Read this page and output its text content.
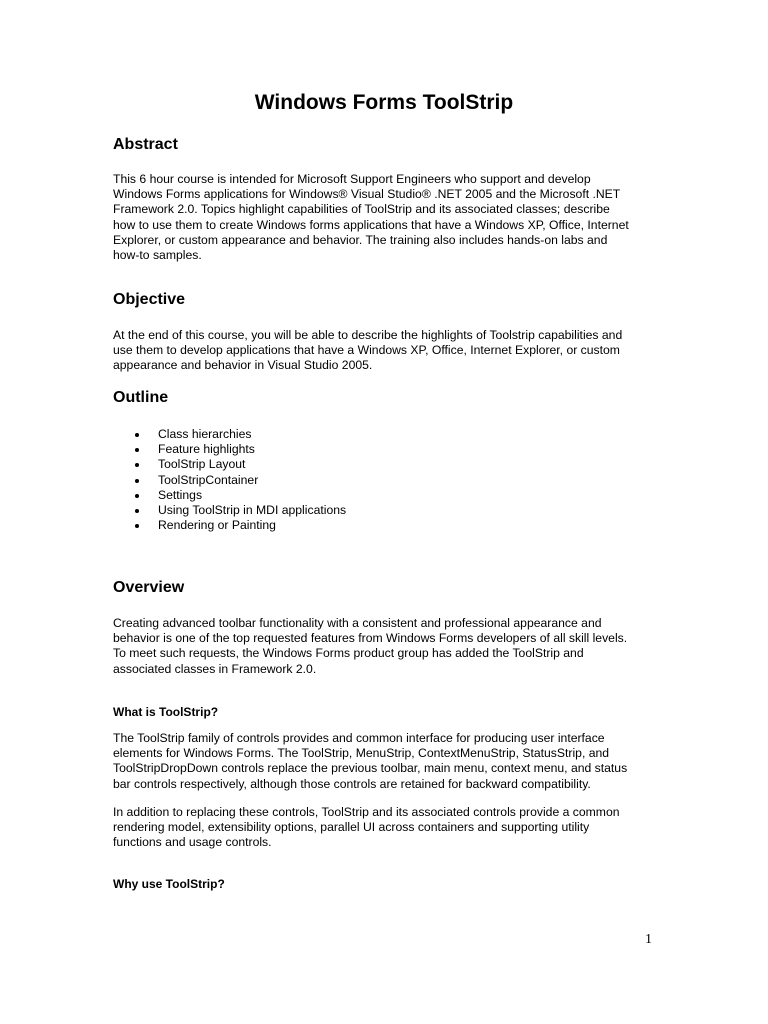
Windows Forms ToolStrip
Abstract

This 6 hour course is intended for Microsoft Support Engineers who support and develop
Windows Forms applications for Windows® Visual Studio® .NET 2005 and the Microsoft .NET
Framework 2.0. Topics highlight capabilities of ToolStrip and its associated classes; describe
how to use them to create Windows forms applications that have a Windows XP, Office, Internet
Explorer, or custom appearance and behavior. The training also includes hands-on labs and
how-to samples.

Objective

At the end of this course, you will be able to describe the highlights of Toolstrip capabilities and
use them to develop applications that have a Windows XP, Office, Internet Explorer, or custom
appearance and behavior in Visual Studio 2005.

Outline
Class hierarchies
Feature highlights
ToolStrip Layout
ToolStripContainer
Settings
Using ToolStrip in MDI applications
Rendering or Painting
Overview

Creating advanced toolbar functionality with a consistent and professional appearance and
behavior is one of the top requested features from Windows Forms developers of all skill levels.
To meet such requests, the Windows Forms product group has added the ToolStrip and
associated classes in Framework 2.0.

What is ToolStrip?

The ToolStrip family of controls provides and common interface for producing user interface
elements for Windows Forms. The ToolStrip, MenuStrip, ContextMenuStrip, StatusStrip, and
ToolStripDropDown controls replace the previous toolbar, main menu, context menu, and status
bar controls respectively, although those controls are retained for backward compatibility.

In addition to replacing these controls, ToolStrip and its associated controls provide a common
rendering model, extensibility options, parallel UI across containers and supporting utility
functions and usage controls.

Why use ToolStrip?
1
